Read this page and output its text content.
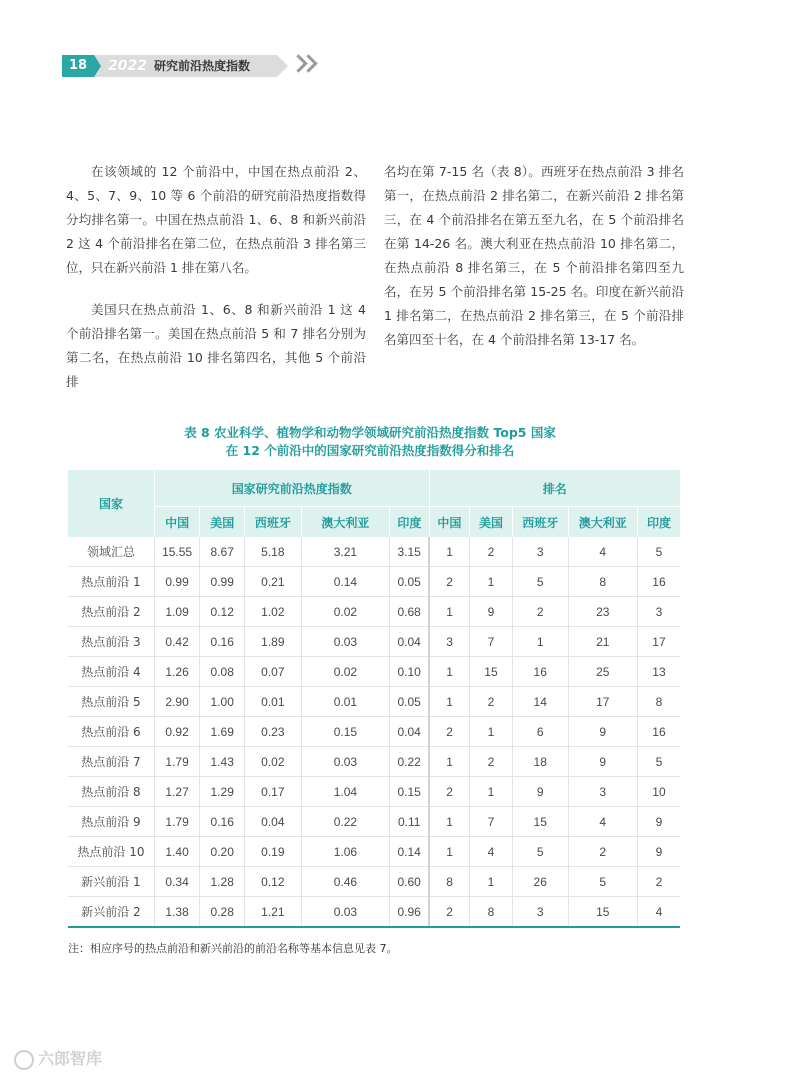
18	2022 研究前沿热度指数

在该领域的 12 个前沿中，中国在热点前沿 2、4、5、7、9、10 等 6 个前沿的研究前沿热度指数得分均排名第一。中国在热点前沿 1、6、8 和新兴前沿 2 这 4 个前沿排名在第二位，在热点前沿 3 排名第三位，只在新兴前沿 1 排在第八名。

美国只在热点前沿 1、6、8 和新兴前沿 1 这 4 个前沿排名第一。美国在热点前沿 5 和 7 排名分别为第二名，在热点前沿 10 排名第四名，其他 5 个前沿排

名均在第 7-15 名（表 8）。西班牙在热点前沿 3 排名第一，在热点前沿 2 排名第二，在新兴前沿 2 排名第三，在 4 个前沿排名在第五至九名，在 5 个前沿排名在第 14-26 名。澳大利亚在热点前沿 10 排名第二，在热点前沿 8 排名第三，在 5 个前沿排名第四至九名，在另 5 个前沿排名第 15-25 名。印度在新兴前沿 1 排名第二，在热点前沿 2 排名第三，在 5 个前沿排名第四至十名，在 4 个前沿排名第 13-17 名。

表 8 农业科学、植物学和动物学领域研究前沿热度指数 Top5 国家
在 12 个前沿中的国家研究前沿热度指数得分和排名
国家	国家研究前沿热度指数					排名				
	中国	美国	西班牙	澳大利亚	印度	中国	美国	西班牙	澳大利亚	印度
领域汇总	15.55	8.67	5.18	3.21	3.15	1	2	3	4	5
热点前沿 1	0.99	0.99	0.21	0.14	0.05	2	1	5	8	16
热点前沿 2	1.09	0.12	1.02	0.02	0.68	1	9	2	23	3
热点前沿 3	0.42	0.16	1.89	0.03	0.04	3	7	1	21	17
热点前沿 4	1.26	0.08	0.07	0.02	0.10	1	15	16	25	13
热点前沿 5	2.90	1.00	0.01	0.01	0.05	1	2	14	17	8
热点前沿 6	0.92	1.69	0.23	0.15	0.04	2	1	6	9	16
热点前沿 7	1.79	1.43	0.02	0.03	0.22	1	2	18	9	5
热点前沿 8	1.27	1.29	0.17	1.04	0.15	2	1	9	3	10
热点前沿 9	1.79	0.16	0.04	0.22	0.11	1	7	15	4	9
热点前沿 10	1.40	0.20	0.19	1.06	0.14	1	4	5	2	9
新兴前沿 1	0.34	1.28	0.12	0.46	0.60	8	1	26	5	2
新兴前沿 2	1.38	0.28	1.21	0.03	0.96	2	8	3	15	4
注：相应序号的热点前沿和新兴前沿的前沿名称等基本信息见表 7。
六郎智库
